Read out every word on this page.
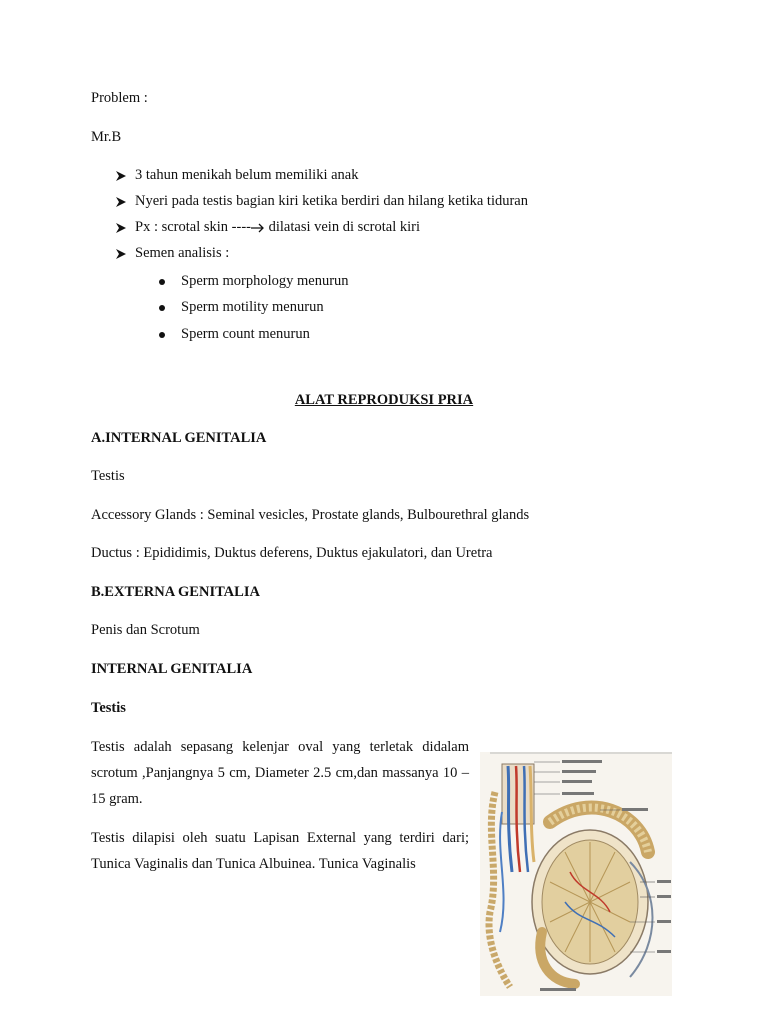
Problem :
Mr.B
3 tahun menikah belum memiliki anak
Nyeri pada testis bagian kiri ketika berdiri dan hilang ketika tiduran
Px : scrotal skin ---- dilatasi vein di scrotal kiri
Semen analisis :
Sperm morphology menurun
Sperm motility menurun
Sperm count menurun
ALAT REPRODUKSI PRIA
A.INTERNAL GENITALIA
Testis
Accessory Glands : Seminal vesicles, Prostate glands, Bulbourethral glands
Ductus : Epididimis, Duktus deferens, Duktus ejakulatori, dan Uretra
B.EXTERNA GENITALIA
Penis dan Scrotum
INTERNAL GENITALIA
Testis
Testis adalah sepasang kelenjar oval yang terletak didalam scrotum ,Panjangnya 5 cm, Diameter 2.5 cm,dan massanya 10 – 15 gram.
Testis dilapisi oleh suatu Lapisan External yang terdiri dari; Tunica Vaginalis dan Tunica Albuinea. Tunica Vaginalis
